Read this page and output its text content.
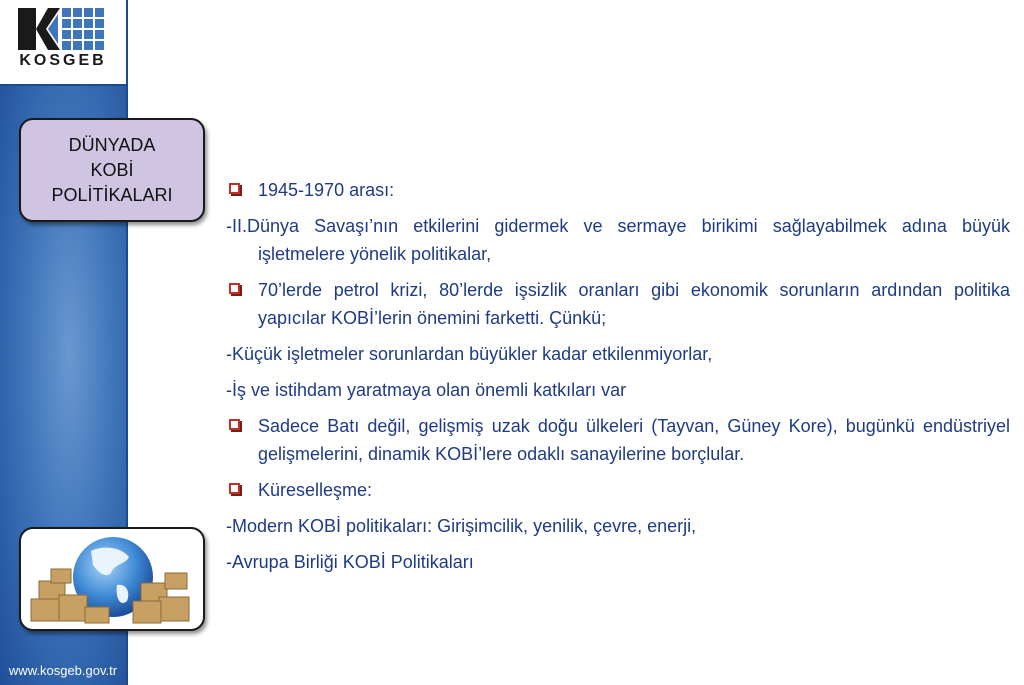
KOSGEB
DÜNYADA
KOBİ
POLİTİKALARI
www.kosgeb.gov.tr

1945-1970 arası:

-II.Dünya Savaşı’nın etkilerini gidermek ve sermaye birikimi sağlayabilmek adına büyük işletmelere yönelik politikalar,

70’lerde petrol krizi, 80’lerde işsizlik oranları gibi ekonomik sorunların ardından politika yapıcılar KOBİ’lerin önemini farketti. Çünkü;

-Küçük işletmeler sorunlardan büyükler kadar etkilenmiyorlar,

-İş ve istihdam yaratmaya olan önemli katkıları var

Sadece Batı değil, gelişmiş uzak doğu ülkeleri (Tayvan, Güney Kore), bugünkü endüstriyel gelişmelerini, dinamik KOBİ’lere odaklı sanayilerine borçlular.

Küreselleşme:

-Modern KOBİ politikaları: Girişimcilik, yenilik, çevre, enerji,

-Avrupa Birliği KOBİ Politikaları
